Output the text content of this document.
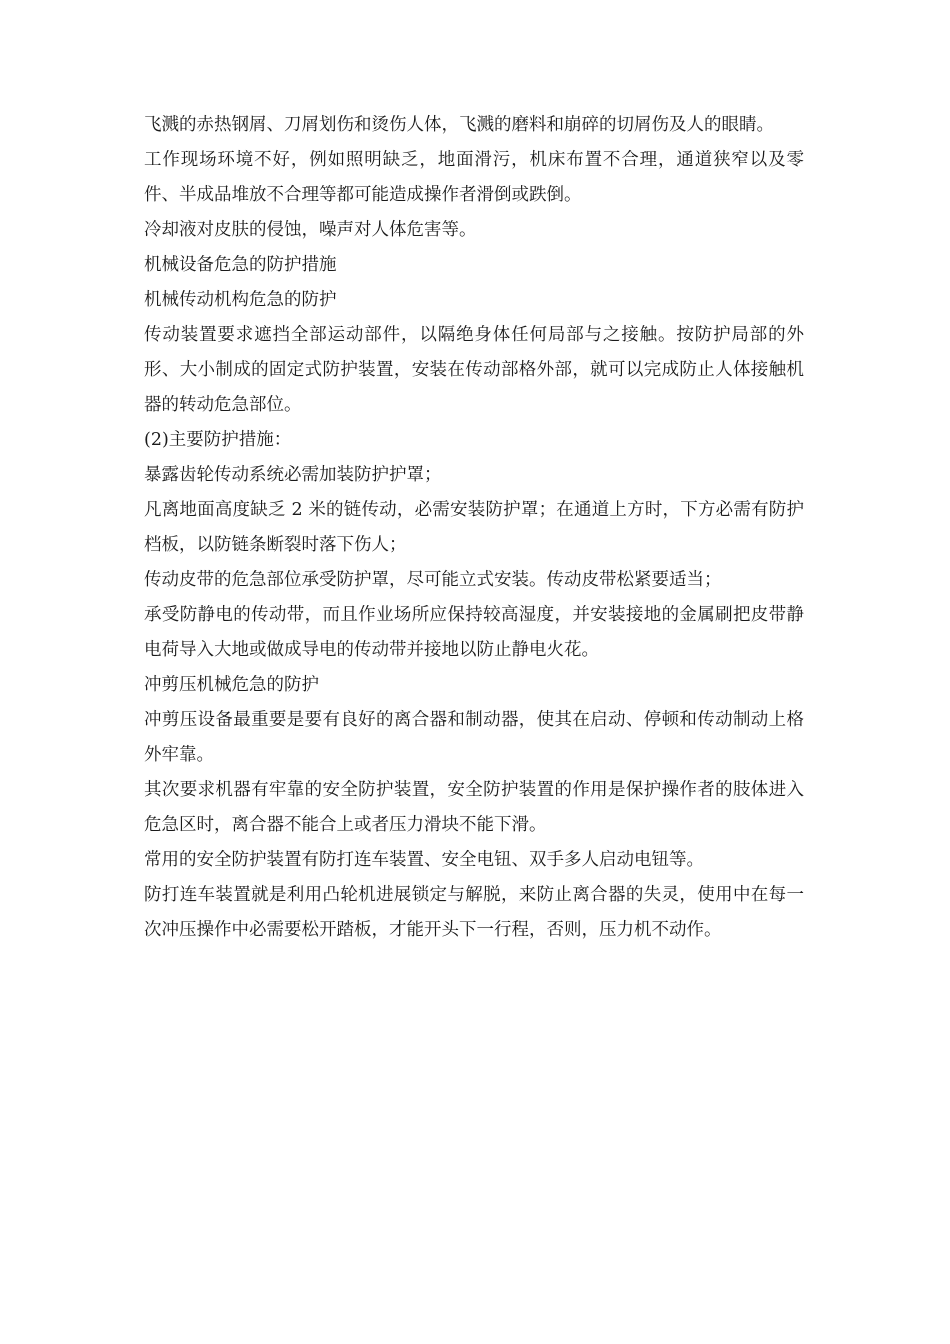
飞溅的赤热钢屑、刀屑划伤和烫伤人体，飞溅的磨料和崩碎的切屑伤及人的眼睛。

工作现场环境不好，例如照明缺乏，地面滑污，机床布置不合理，通道狭窄以及零件、半成品堆放不合理等都可能造成操作者滑倒或跌倒。

冷却液对皮肤的侵蚀，噪声对人体危害等。

机械设备危急的防护措施

机械传动机构危急的防护

传动装置要求遮挡全部运动部件，以隔绝身体任何局部与之接触。按防护局部的外形、大小制成的固定式防护装置，安装在传动部格外部，就可以完成防止人体接触机器的转动危急部位。

(2)主要防护措施：

暴露齿轮传动系统必需加装防护护罩；

凡离地面高度缺乏 2 米的链传动，必需安装防护罩；在通道上方时，下方必需有防护档板，以防链条断裂时落下伤人；

传动皮带的危急部位承受防护罩，尽可能立式安装。传动皮带松紧要适当；

承受防静电的传动带，而且作业场所应保持较高湿度，并安装接地的金属刷把皮带静电荷导入大地或做成导电的传动带并接地以防止静电火花。

冲剪压机械危急的防护

冲剪压设备最重要是要有良好的离合器和制动器，使其在启动、停顿和传动制动上格外牢靠。

其次要求机器有牢靠的安全防护装置，安全防护装置的作用是保护操作者的肢体进入危急区时，离合器不能合上或者压力滑块不能下滑。

常用的安全防护装置有防打连车装置、安全电钮、双手多人启动电钮等。

防打连车装置就是利用凸轮机进展锁定与解脱，来防止离合器的失灵，使用中在每一次冲压操作中必需要松开踏板，才能开头下一行程，否则，压力机不动作。
